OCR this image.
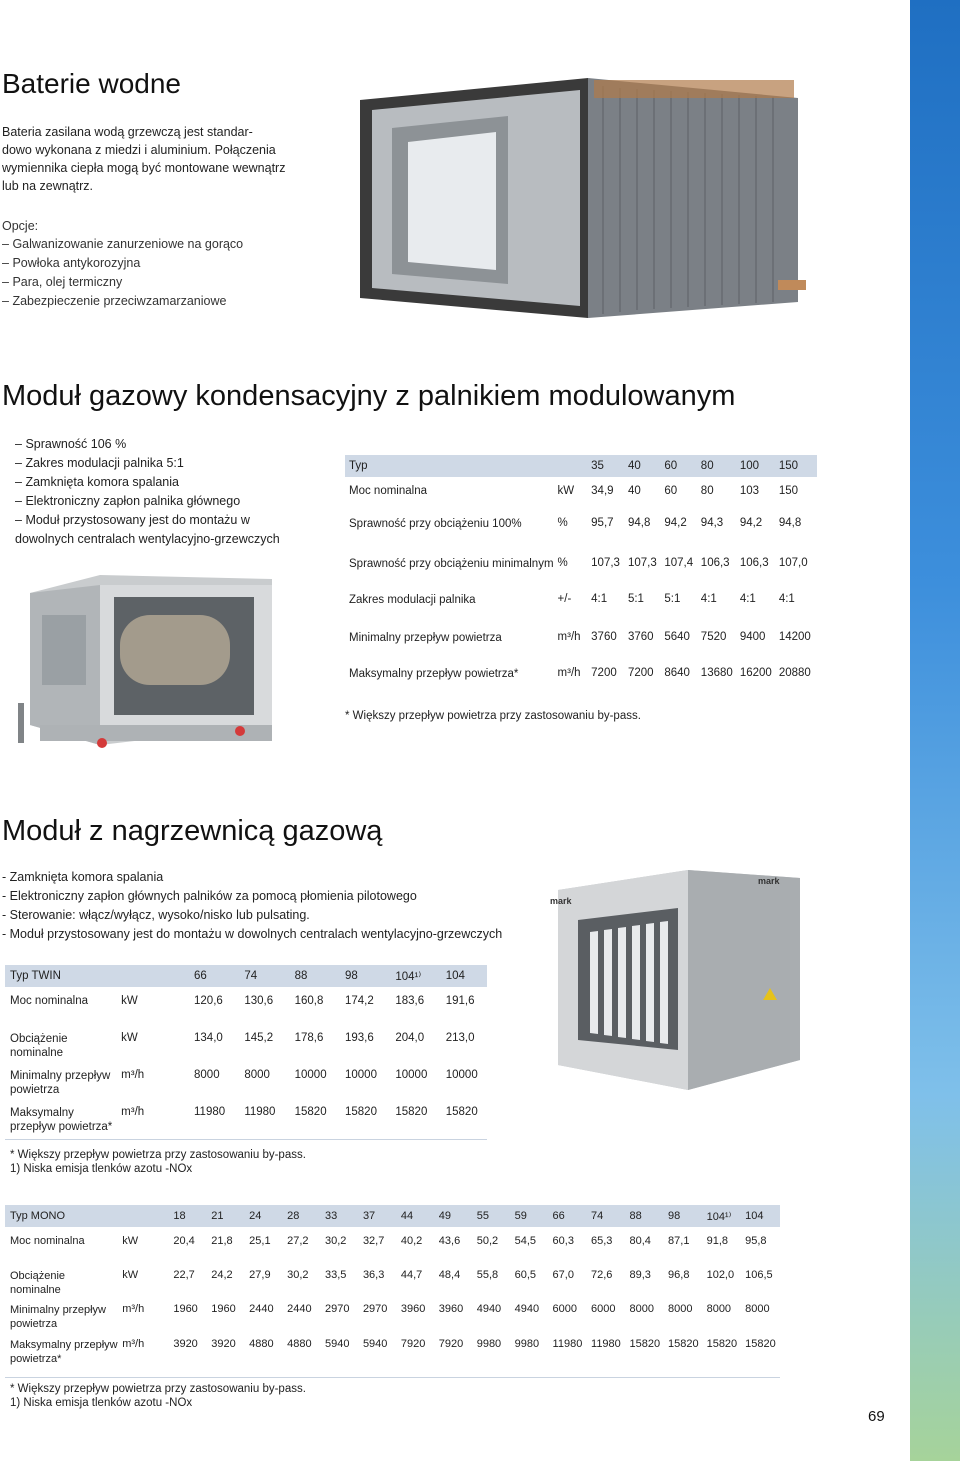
Baterie wodne
Bateria zasilana wodą grzewczą jest standar-
dowo wykonana z miedzi i aluminium. Połączenia
wymiennika ciepła mogą być montowane wewnątrz
lub na zewnątrz.
Opcje:
– Galwanizowanie zanurzeniowe na gorąco
– Powłoka antykorozyjna
– Para, olej termiczny
– Zabezpieczenie przeciwzamarzaniowe
Moduł gazowy kondensacyjny z palnikiem modulowanym
– Sprawność 106 %
– Zakres modulacji palnika 5:1
– Zamknięta komora spalania
– Elektroniczny zapłon palnika głównego
– Moduł przystosowany jest do montażu w dowolnych centralach wentylacyjno-grzewczych
Typ		35	40	60	80	100	150
Moc nominalna	kW	34,9	40	60	80	103	150
Sprawność przy obciążeniu 100%	%	95,7	94,8	94,2	94,3	94,2	94,8
Sprawność przy obciążeniu minimalnym	%	107,3	107,3	107,4	106,3	106,3	107,0
Zakres modulacji palnika	+/-	4:1	5:1	5:1	4:1	4:1	4:1
Minimalny przepływ powietrza	m³/h	3760	3760	5640	7520	9400	14200
Maksymalny przepływ powietrza*	m³/h	7200	7200	8640	13680	16200	20880
* Większy przepływ powietrza przy zastosowaniu by-pass.
Moduł z nagrzewnicą gazową
- Zamknięta komora spalania
- Elektroniczny zapłon głównych palników za pomocą płomienia pilotowego
- Sterowanie: włącz/wyłącz, wysoko/nisko lub pulsating.
- Moduł przystosowany jest do montażu w dowolnych centralach wentylacyjno-grzewczych
mark
mark
Typ TWIN		66	74	88	98	104¹⁾	104
Moc nominalna	kW	120,6	130,6	160,8	174,2	183,6	191,6
Obciążenie nominalne	kW	134,0	145,2	178,6	193,6	204,0	213,0
Minimalny przepływ powietrza	m³/h	8000	8000	10000	10000	10000	10000
Maksymalny przepływ powietrza*	m³/h	11980	11980	15820	15820	15820	15820
* Większy przepływ powietrza przy zastosowaniu by-pass.
1) Niska emisja tlenków azotu -NOx
Typ MONO		18	21	24	28	33	37	44	49	55	59	66	74	88	98	104¹⁾	104
Moc nominalna	kW	20,4	21,8	25,1	27,2	30,2	32,7	40,2	43,6	50,2	54,5	60,3	65,3	80,4	87,1	91,8	95,8
Obciążenie nominalne	kW	22,7	24,2	27,9	30,2	33,5	36,3	44,7	48,4	55,8	60,5	67,0	72,6	89,3	96,8	102,0	106,5
Minimalny przepływ powietrza	m³/h	1960	1960	2440	2440	2970	2970	3960	3960	4940	4940	6000	6000	8000	8000	8000	8000
Maksymalny przepływ powietrza*	m³/h	3920	3920	4880	4880	5940	5940	7920	7920	9980	9980	11980	11980	15820	15820	15820	15820
* Większy przepływ powietrza przy zastosowaniu by-pass.
1) Niska emisja tlenków azotu -NOx
69
